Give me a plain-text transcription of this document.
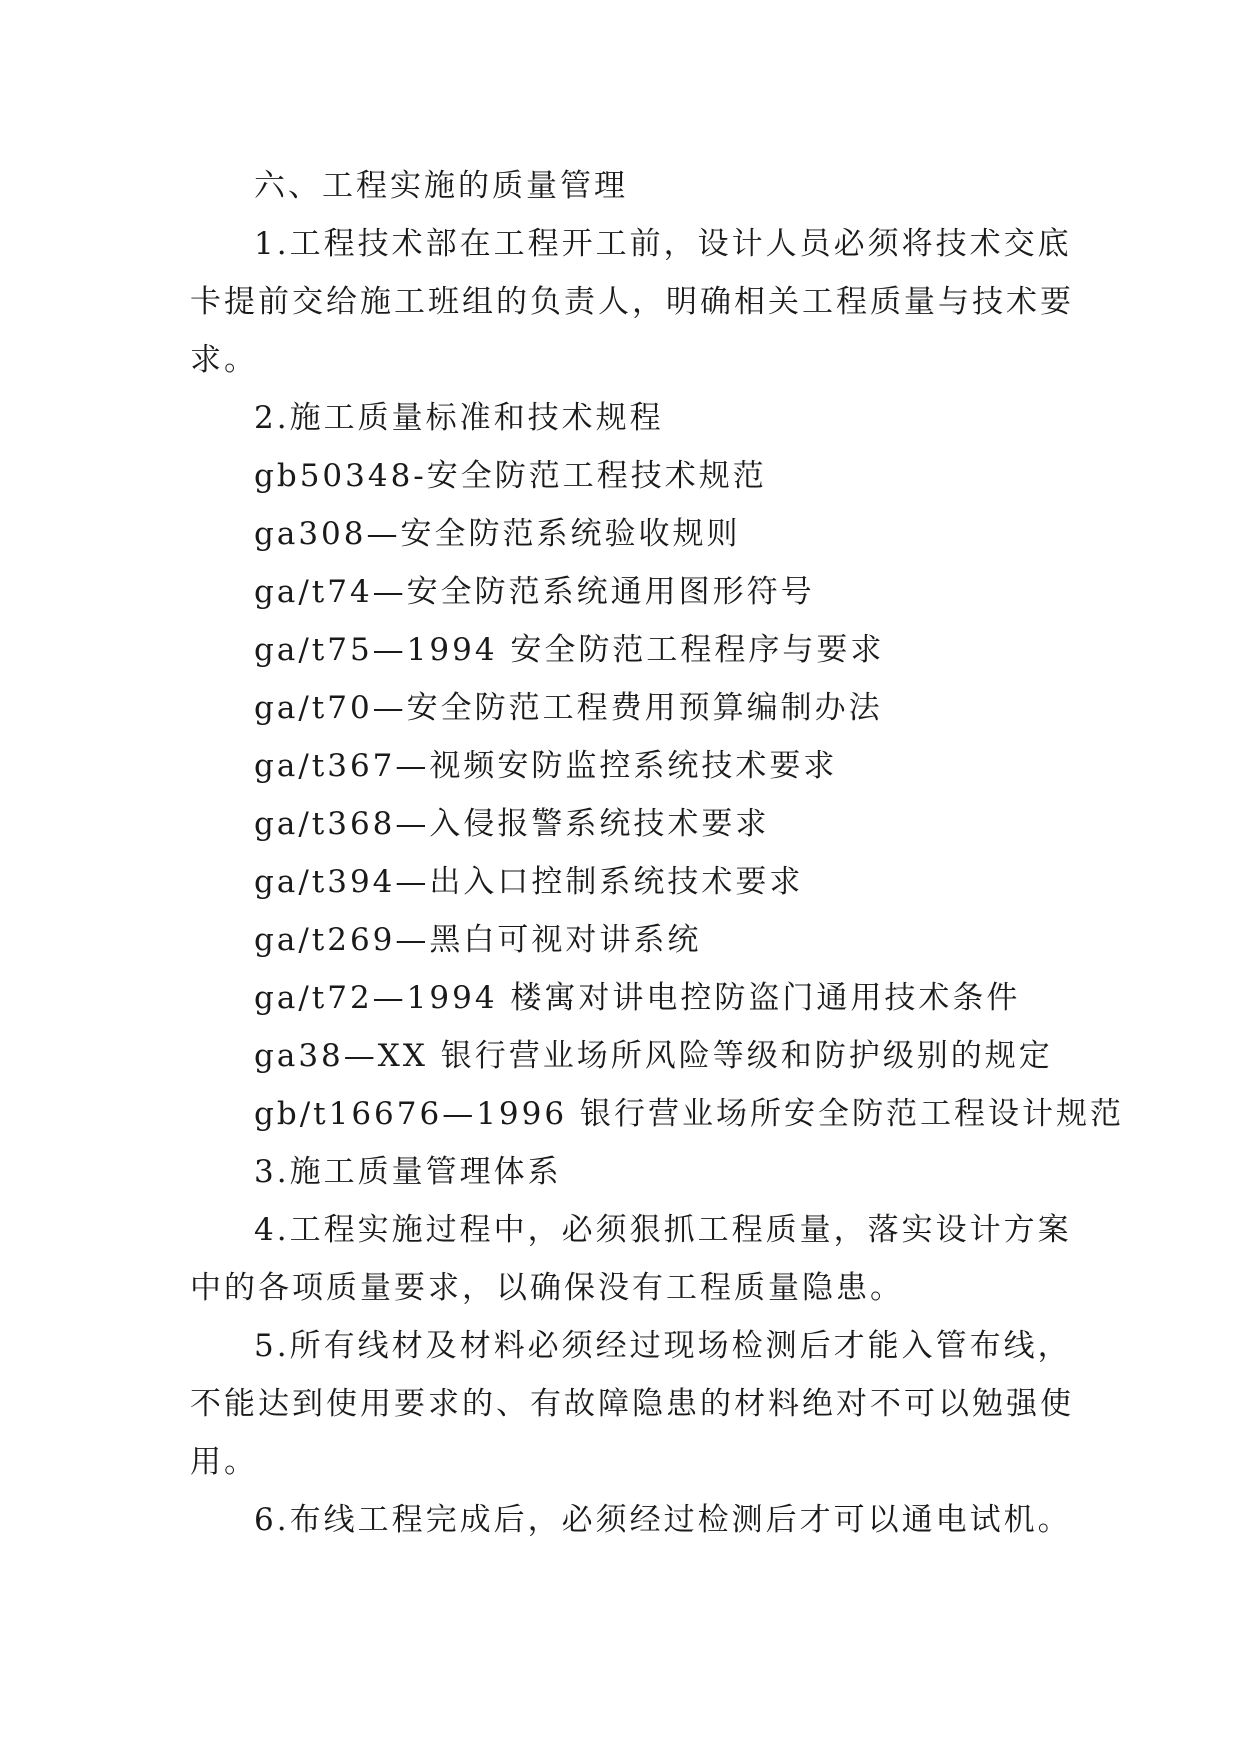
六、工程实施的质量管理
1.工程技术部在工程开工前，设计人员必须将技术交底
卡提前交给施工班组的负责人，明确相关工程质量与技术要
求。
2.施工质量标准和技术规程
gb50348-安全防范工程技术规范
ga308—安全防范系统验收规则
ga/t74—安全防范系统通用图形符号
ga/t75—1994 安全防范工程程序与要求
ga/t70—安全防范工程费用预算编制办法
ga/t367—视频安防监控系统技术要求
ga/t368—入侵报警系统技术要求
ga/t394—出入口控制系统技术要求
ga/t269—黑白可视对讲系统
ga/t72—1994 楼寓对讲电控防盗门通用技术条件
ga38—XX 银行营业场所风险等级和防护级别的规定
gb/t16676—1996 银行营业场所安全防范工程设计规范
3.施工质量管理体系
4.工程实施过程中，必须狠抓工程质量，落实设计方案
中的各项质量要求，以确保没有工程质量隐患。
5.所有线材及材料必须经过现场检测后才能入管布线，
不能达到使用要求的、有故障隐患的材料绝对不可以勉强使
用。
6.布线工程完成后，必须经过检测后才可以通电试机。
